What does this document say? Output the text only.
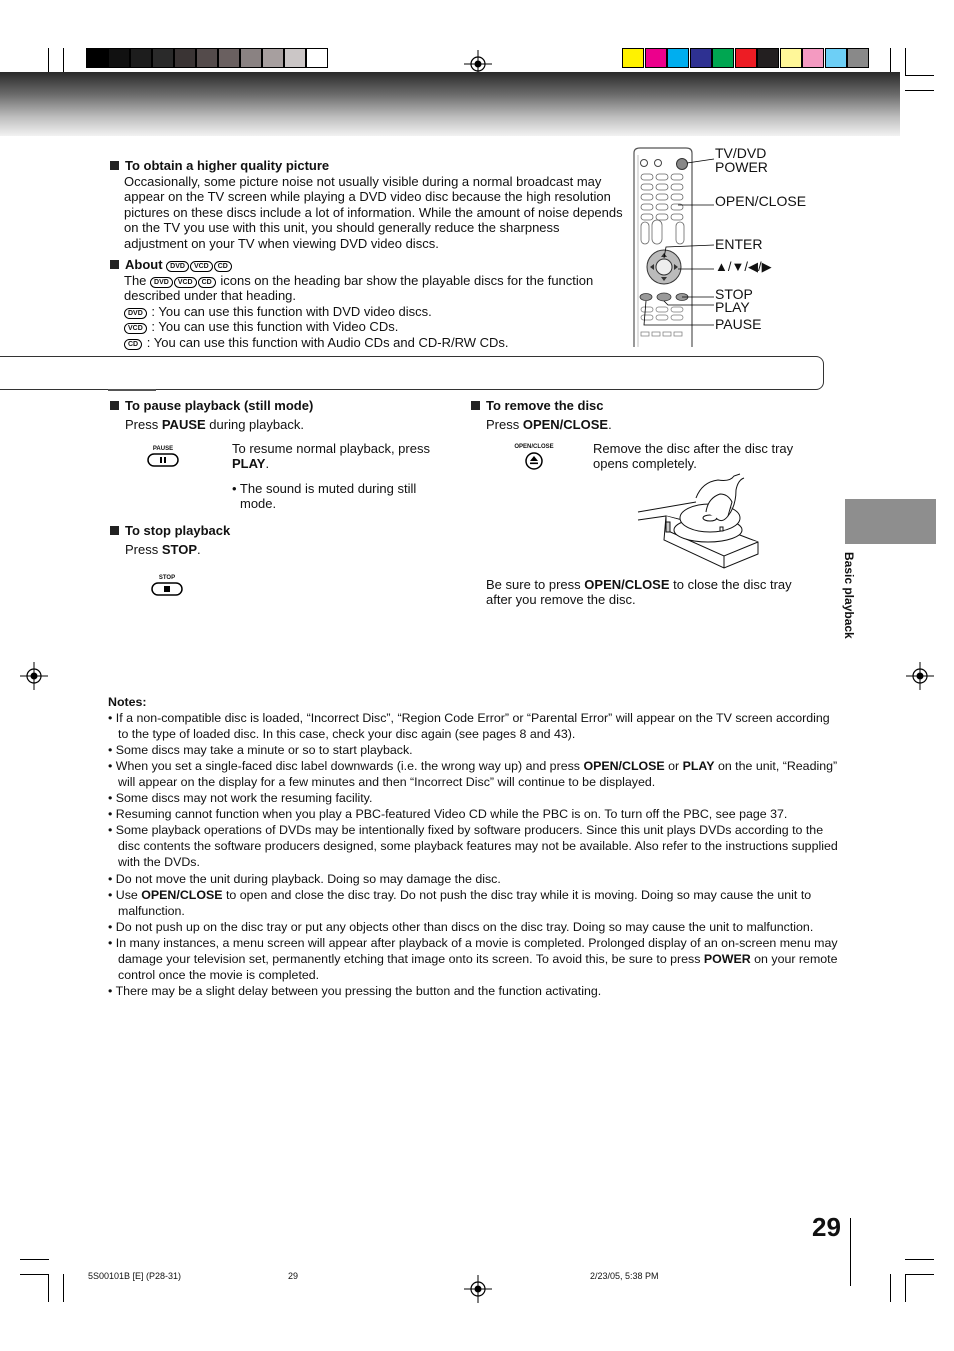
To obtain a higher quality picture
Occasionally, some picture noise not usually visible during a normal broadcast may appear on the TV screen while playing a DVD video disc because the high resolution pictures on these discs include a lot of information. While the amount of noise depends on the TV you use with this unit, you should generally reduce the sharpness adjustment on your TV when viewing DVD video discs.
About DVD VCD CD
The DVD VCD CD icons on the heading bar show the playable discs for the function described under that heading.
DVD : You can use this function with DVD video discs.
VCD : You can use this function with Video CDs.
CD : You can use this function with Audio CDs and CD-R/RW CDs.
TV/DVD
POWER
OPEN/CLOSE
ENTER
▲/▼/◀/▶
STOP
PLAY
PAUSE
To pause playback (still mode)
Press PAUSE during playback.
PAUSE	To resume normal playback, press PLAY.
• The sound is muted during still mode.
To stop playback
Press STOP.
STOP
To remove the disc
Press OPEN/CLOSE.
OPEN/CLOSE	Remove the disc after the disc tray opens completely.
Be sure to press OPEN/CLOSE to close the disc tray after you remove the disc.	Basic playback
Notes:
• If a non-compatible disc is loaded, “Incorrect Disc”, “Region Code Error” or “Parental Error” will appear on the TV screen according to the type of loaded disc. In this case, check your disc again (see pages 8 and 43).
• Some discs may take a minute or so to start playback.
• When you set a single-faced disc label downwards (i.e. the wrong way up) and press OPEN/CLOSE or PLAY on the unit, “Reading” will appear on the display for a few minutes and then “Incorrect Disc” will continue to be displayed.
• Some discs may not work the resuming facility.
• Resuming cannot function when you play a PBC-featured Video CD while the PBC is on. To turn off the PBC, see page 37.
• Some playback operations of DVDs may be intentionally fixed by software producers. Since this unit plays DVDs according to the disc contents the software producers designed, some playback features may not be available. Also refer to the instructions supplied with the DVDs.
• Do not move the unit during playback. Doing so may damage the disc.
• Use OPEN/CLOSE to open and close the disc tray. Do not push the disc tray while it is moving. Doing so may cause the unit to malfunction.
• Do not push up on the disc tray or put any objects other than discs on the disc tray. Doing so may cause the unit to malfunction.
• In many instances, a menu screen will appear after playback of a movie is completed. Prolonged display of an on-screen menu may damage your television set, permanently etching that image onto its screen. To avoid this, be sure to press POWER on your remote control once the movie is completed.
• There may be a slight delay between you pressing the button and the function activating.
29
5S00101B [E] (P28-31)	29	2/23/05, 5:38 PM
